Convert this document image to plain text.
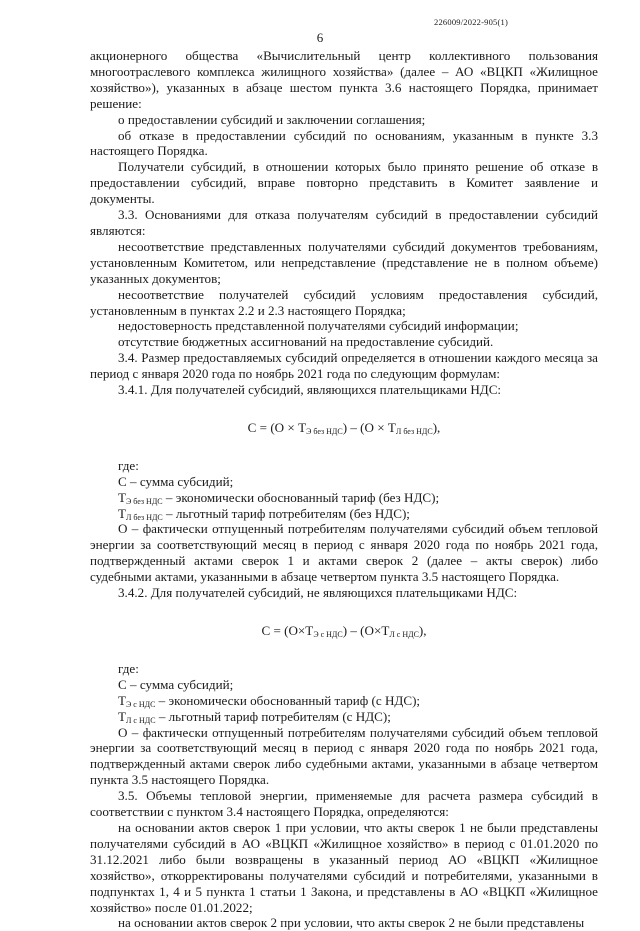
226009/2022-905(1)
6

акционерного общества «Вычислительный центр коллективного пользования многоотраслевого комплекса жилищного хозяйства» (далее – АО «ВЦКП «Жилищное хозяйство»), указанных в абзаце шестом пункта 3.6 настоящего Порядка, принимает решение:

о предоставлении субсидий и заключении соглашения;

об отказе в предоставлении субсидий по основаниям, указанным в пункте 3.3 настоящего Порядка.

Получатели субсидий, в отношении которых было принято решение об отказе в предоставлении субсидий, вправе повторно представить в Комитет заявление и документы.

3.3. Основаниями для отказа получателям субсидий в предоставлении субсидий являются:

несоответствие представленных получателями субсидий документов требованиям, установленным Комитетом, или непредставление (представление не в полном объеме) указанных документов;

несоответствие получателей субсидий условиям предоставления субсидий, установленным в пунктах 2.2 и 2.3 настоящего Порядка;

недостоверность представленной получателями субсидий информации;

отсутствие бюджетных ассигнований на предоставление субсидий.

3.4. Размер предоставляемых субсидий определяется в отношении каждого месяца за период с января 2020 года по ноябрь 2021 года по следующим формулам:

3.4.1. Для получателей субсидий, являющихся плательщиками НДС:

$С = (О \times Т_{Э без НДС}) - (О \times Т_{Л без НДС})$,

где:

С – сумма субсидий;

$Т_{Э без НДС}$ – экономически обоснованный тариф (без НДС);

$Т_{Л без НДС}$ – льготный тариф потребителям (без НДС);

О – фактически отпущенный потребителям получателями субсидий объем тепловой энергии за соответствующий месяц в период с января 2020 года по ноябрь 2021 года, подтвержденный актами сверок 1 и актами сверок 2 (далее – акты сверок) либо судебными актами, указанными в абзаце четвертом пункта 3.5 настоящего Порядка.

3.4.2. Для получателей субсидий, не являющихся плательщиками НДС:

$С = (О\times Т_{Э с НДС}) - (О\times Т_{Л с НДС})$,

где:

С – сумма субсидий;

$Т_{Э с НДС}$ – экономически обоснованный тариф (с НДС);

$Т_{Л с НДС}$ – льготный тариф потребителям (с НДС);

О – фактически отпущенный потребителям получателями субсидий объем тепловой энергии за соответствующий месяц в период с января 2020 года по ноябрь 2021 года, подтвержденный актами сверок либо судебными актами, указанными в абзаце четвертом пункта 3.5 настоящего Порядка.

3.5. Объемы тепловой энергии, применяемые для расчета размера субсидий в соответствии с пунктом 3.4 настоящего Порядка, определяются:

на основании актов сверок 1 при условии, что акты сверок 1 не были представлены получателями субсидий в АО «ВЦКП «Жилищное хозяйство» в период с 01.01.2020 по 31.12.2021 либо были возвращены в указанный период АО «ВЦКП «Жилищное хозяйство», откорректированы получателями субсидий и потребителями, указанными в подпунктах 1, 4 и 5 пункта 1 статьи 1 Закона, и представлены в АО «ВЦКП «Жилищное хозяйство» после 01.01.2022;

на основании актов сверок 2 при условии, что акты сверок 2 не были представлены
